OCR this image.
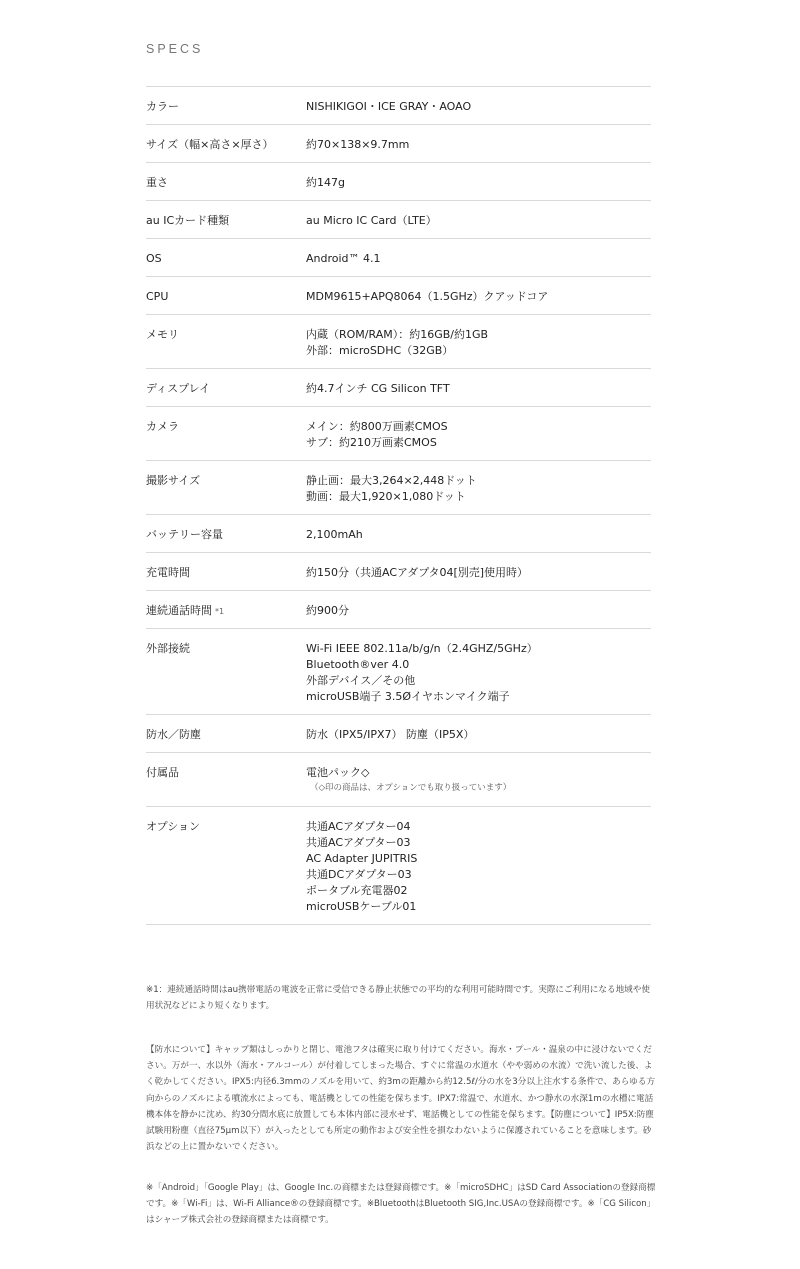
SPECS
カラー	NISHIKIGOI・ICE GRAY・AOAO
サイズ（幅×高さ×厚さ）	約70×138×9.7mm
重さ	約147g
au ICカード種類	au Micro IC Card（LTE）
OS	Android™ 4.1
CPU	MDM9615+APQ8064（1.5GHz）クアッドコア
メモリ	内蔵（ROM/RAM）：約16GB/約1GB
外部：microSDHC（32GB）
ディスプレイ	約4.7インチ CG Silicon TFT
カメラ	メイン：約800万画素CMOS
サブ：約210万画素CMOS
撮影サイズ	静止画：最大3,264×2,448ドット
動画：最大1,920×1,080ドット
バッテリー容量	2,100mAh
充電時間	約150分（共通ACアダプタ04[別売]使用時）
連続通話時間 *1	約900分
外部接続	Wi-Fi IEEE 802.11a/b/g/n（2.4GHZ/5GHz）
Bluetooth®ver 4.0
外部デバイス／その他
microUSB端子 3.5Øイヤホンマイク端子
防水／防塵	防水（IPX5/IPX7） 防塵（IP5X）
付属品	電池パック◇
（◇印の商品は、オプションでも取り扱っています）
オプション	共通ACアダプター04
共通ACアダプター03
AC Adapter JUPITRIS
共通DCアダプター03
ポータブル充電器02
microUSBケーブル01

※1：連続通話時間はau携帯電話の電波を正常に受信できる静止状態での平均的な利用可能時間です。実際にご利用になる地域や使用状況などにより短くなります。

【防水について】キャップ類はしっかりと閉じ、電池フタは確実に取り付けてください。海水・プール・温泉の中に浸けないでください。万が一、水以外（海水・アルコール）が付着してしまった場合、すぐに常温の水道水（やや弱めの水流）で洗い流した後、よく乾かしてください。IPX5:内径6.3mmのノズルを用いて、約3mの距離から約12.5ℓ/分の水を3分以上注水する条件で、あらゆる方向からのノズルによる噴流水によっても、電話機としての性能を保ちます。IPX7:常温で、水道水、かつ静水の水深1mの水槽に電話機本体を静かに沈め、約30分間水底に放置しても本体内部に浸水せず、電話機としての性能を保ちます。【防塵について】IP5X:防塵試験用粉塵（直径75μm以下）が入ったとしても所定の動作および安全性を損なわないように保護されていることを意味します。砂浜などの上に置かないでください。

※「Android」「Google Play」は、Google Inc.の商標または登録商標です。※「microSDHC」はSD Card Associationの登録商標です。※「Wi-Fi」は、Wi-Fi Alliance®の登録商標です。※BluetoothはBluetooth SIG,Inc.USAの登録商標です。※「CG Silicon」はシャープ株式会社の登録商標または商標です。
